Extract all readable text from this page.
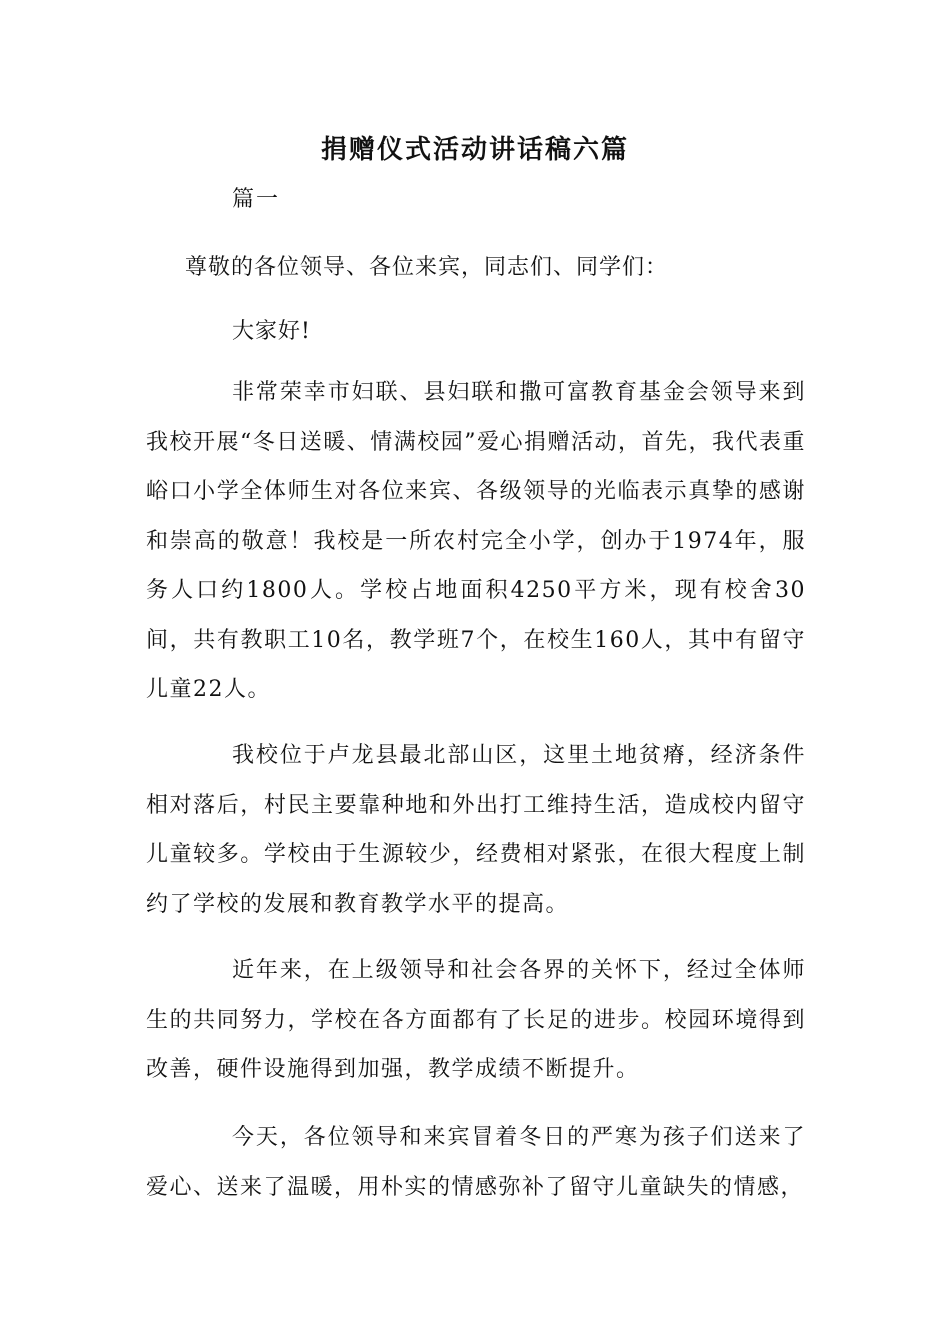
捐赠仪式活动讲话稿六篇
篇一
尊敬的各位领导、各位来宾，同志们、同学们：
大家好!

非常荣幸市妇联、县妇联和撒可富教育基金会领导来到我校开展“冬日送暖、情满校园”爱心捐赠活动，首先，我代表重峪口小学全体师生对各位来宾、各级领导的光临表示真挚的感谢和崇高的敬意！我校是一所农村完全小学，创办于1974年，服务人口约1800人。学校占地面积4250平方米，现有校舍30间，共有教职工10名，教学班7个，在校生160人，其中有留守儿童22人。

我校位于卢龙县最北部山区，这里土地贫瘠，经济条件相对落后，村民主要靠种地和外出打工维持生活，造成校内留守儿童较多。学校由于生源较少，经费相对紧张，在很大程度上制约了学校的发展和教育教学水平的提高。

近年来，在上级领导和社会各界的关怀下，经过全体师生的共同努力，学校在各方面都有了长足的进步。校园环境得到改善，硬件设施得到加强，教学成绩不断提升。

今天，各位领导和来宾冒着冬日的严寒为孩子们送来了爱心、送来了温暖，用朴实的情感弥补了留守儿童缺失的情感，
